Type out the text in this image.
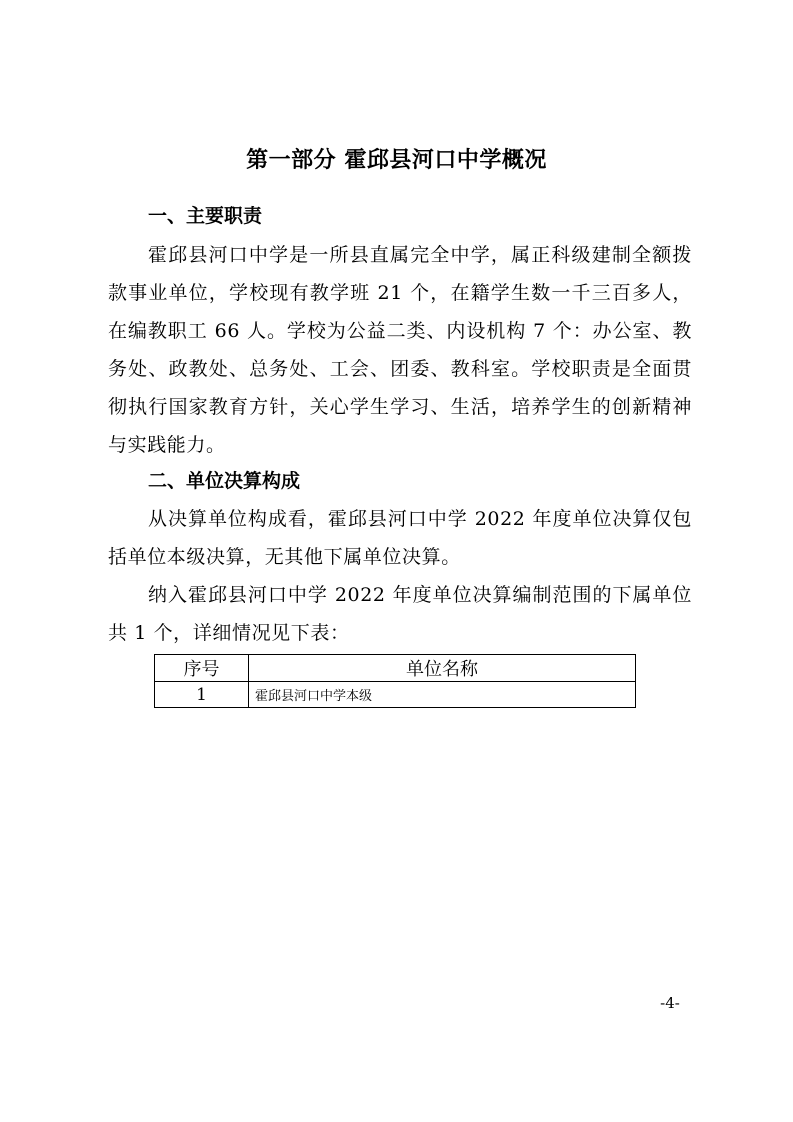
第一部分 霍邱县河口中学概况
一、主要职责
霍邱县河口中学是一所县直属完全中学，属正科级建制全额拨款事业单位，学校现有教学班 21 个，在籍学生数一千三百多人，在编教职工 66 人。学校为公益二类、内设机构 7 个：办公室、教务处、政教处、总务处、工会、团委、教科室。学校职责是全面贯彻执行国家教育方针，关心学生学习、生活，培养学生的创新精神与实践能力。
二、单位决算构成
从决算单位构成看，霍邱县河口中学 2022 年度单位决算仅包括单位本级决算，无其他下属单位决算。
纳入霍邱县河口中学 2022 年度单位决算编制范围的下属单位共 1 个，详细情况见下表：
序号	单位名称
1	霍邱县河口中学本级
-4-
